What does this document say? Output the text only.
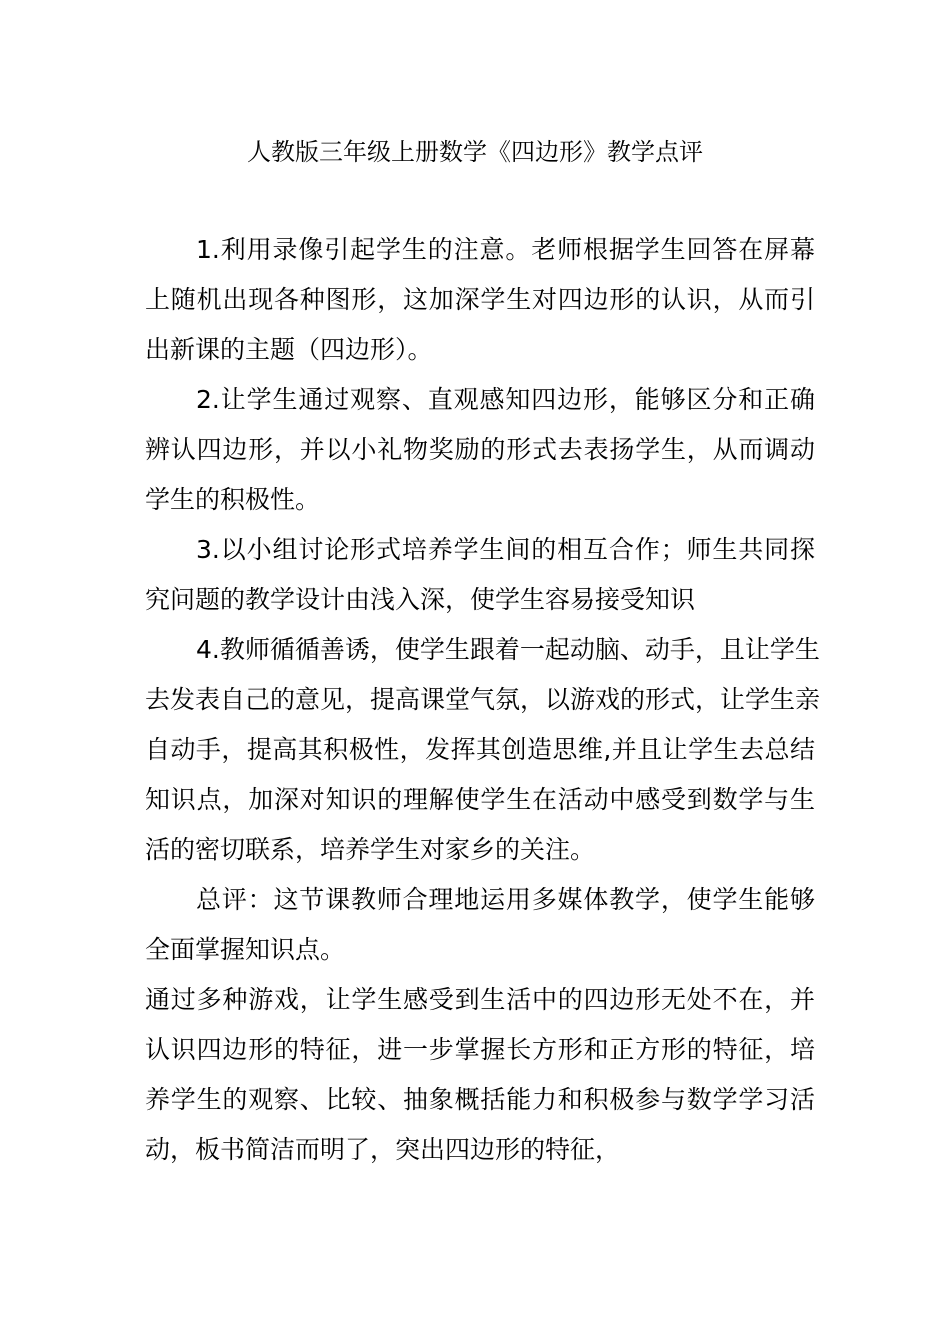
人教版三年级上册数学《四边形》教学点评
1.利用录像引起学生的注意。老师根据学生回答在屏幕
上随机出现各种图形，这加深学生对四边形的认识，从而引
出新课的主题（四边形）。
2.让学生通过观察、直观感知四边形，能够区分和正确
辨认四边形，并以小礼物奖励的形式去表扬学生，从而调动
学生的积极性。
3.以小组讨论形式培养学生间的相互合作；师生共同探
究问题的教学设计由浅入深，使学生容易接受知识
4.教师循循善诱，使学生跟着一起动脑、动手，且让学生
去发表自己的意见，提高课堂气氛，以游戏的形式，让学生亲
自动手，提高其积极性，发挥其创造思维,并且让学生去总结
知识点，加深对知识的理解使学生在活动中感受到数学与生
活的密切联系，培养学生对家乡的关注。
总评：这节课教师合理地运用多媒体教学，使学生能够
全面掌握知识点。
通过多种游戏，让学生感受到生活中的四边形无处不在，并
认识四边形的特征，进一步掌握长方形和正方形的特征，培
养学生的观察、比较、抽象概括能力和积极参与数学学习活
动，板书简洁而明了，突出四边形的特征，
